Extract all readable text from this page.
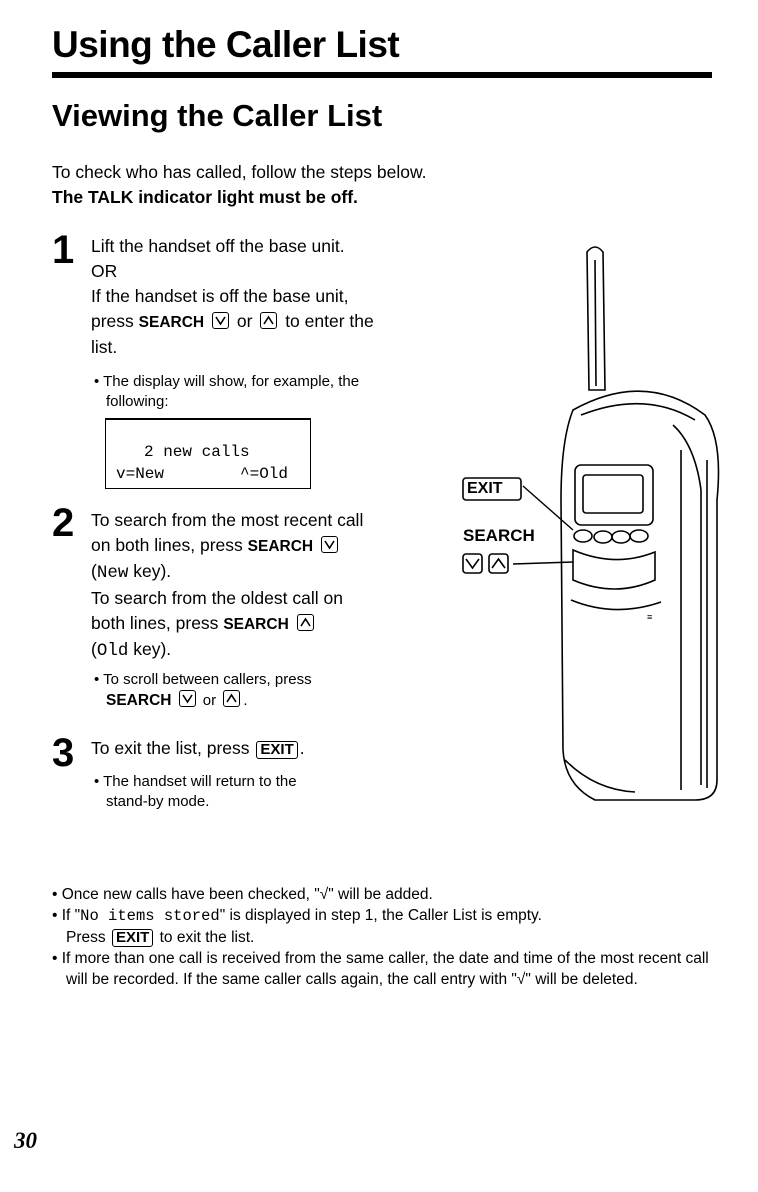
Using the Caller List
Viewing the Caller List
To check who has called, follow the steps below.
The TALK indicator light must be off.
1 Lift the handset off the base unit.
OR
If the handset is off the base unit,
press SEARCH or to enter the
list.
• The display will show, for example, the
following:
2 new calls
v=New	^=Old
2 To search from the most recent call
on both lines, press SEARCH
(New key).
To search from the oldest call on
both lines, press SEARCH
(Old key).
• To scroll between callers, press
SEARCH or .
3 To exit the list, press EXIT .
• The handset will return to the
stand-by mode.
≡
EXIT
SEARCH
• Once new calls have been checked, "√" will be added.
• If "No items stored" is displayed in step 1, the Caller List is empty.
Press EXIT to exit the list.
• If more than one call is received from the same caller, the date and time of the most recent call will be recorded. If the same caller calls again, the call entry with "√" will be deleted.
30
